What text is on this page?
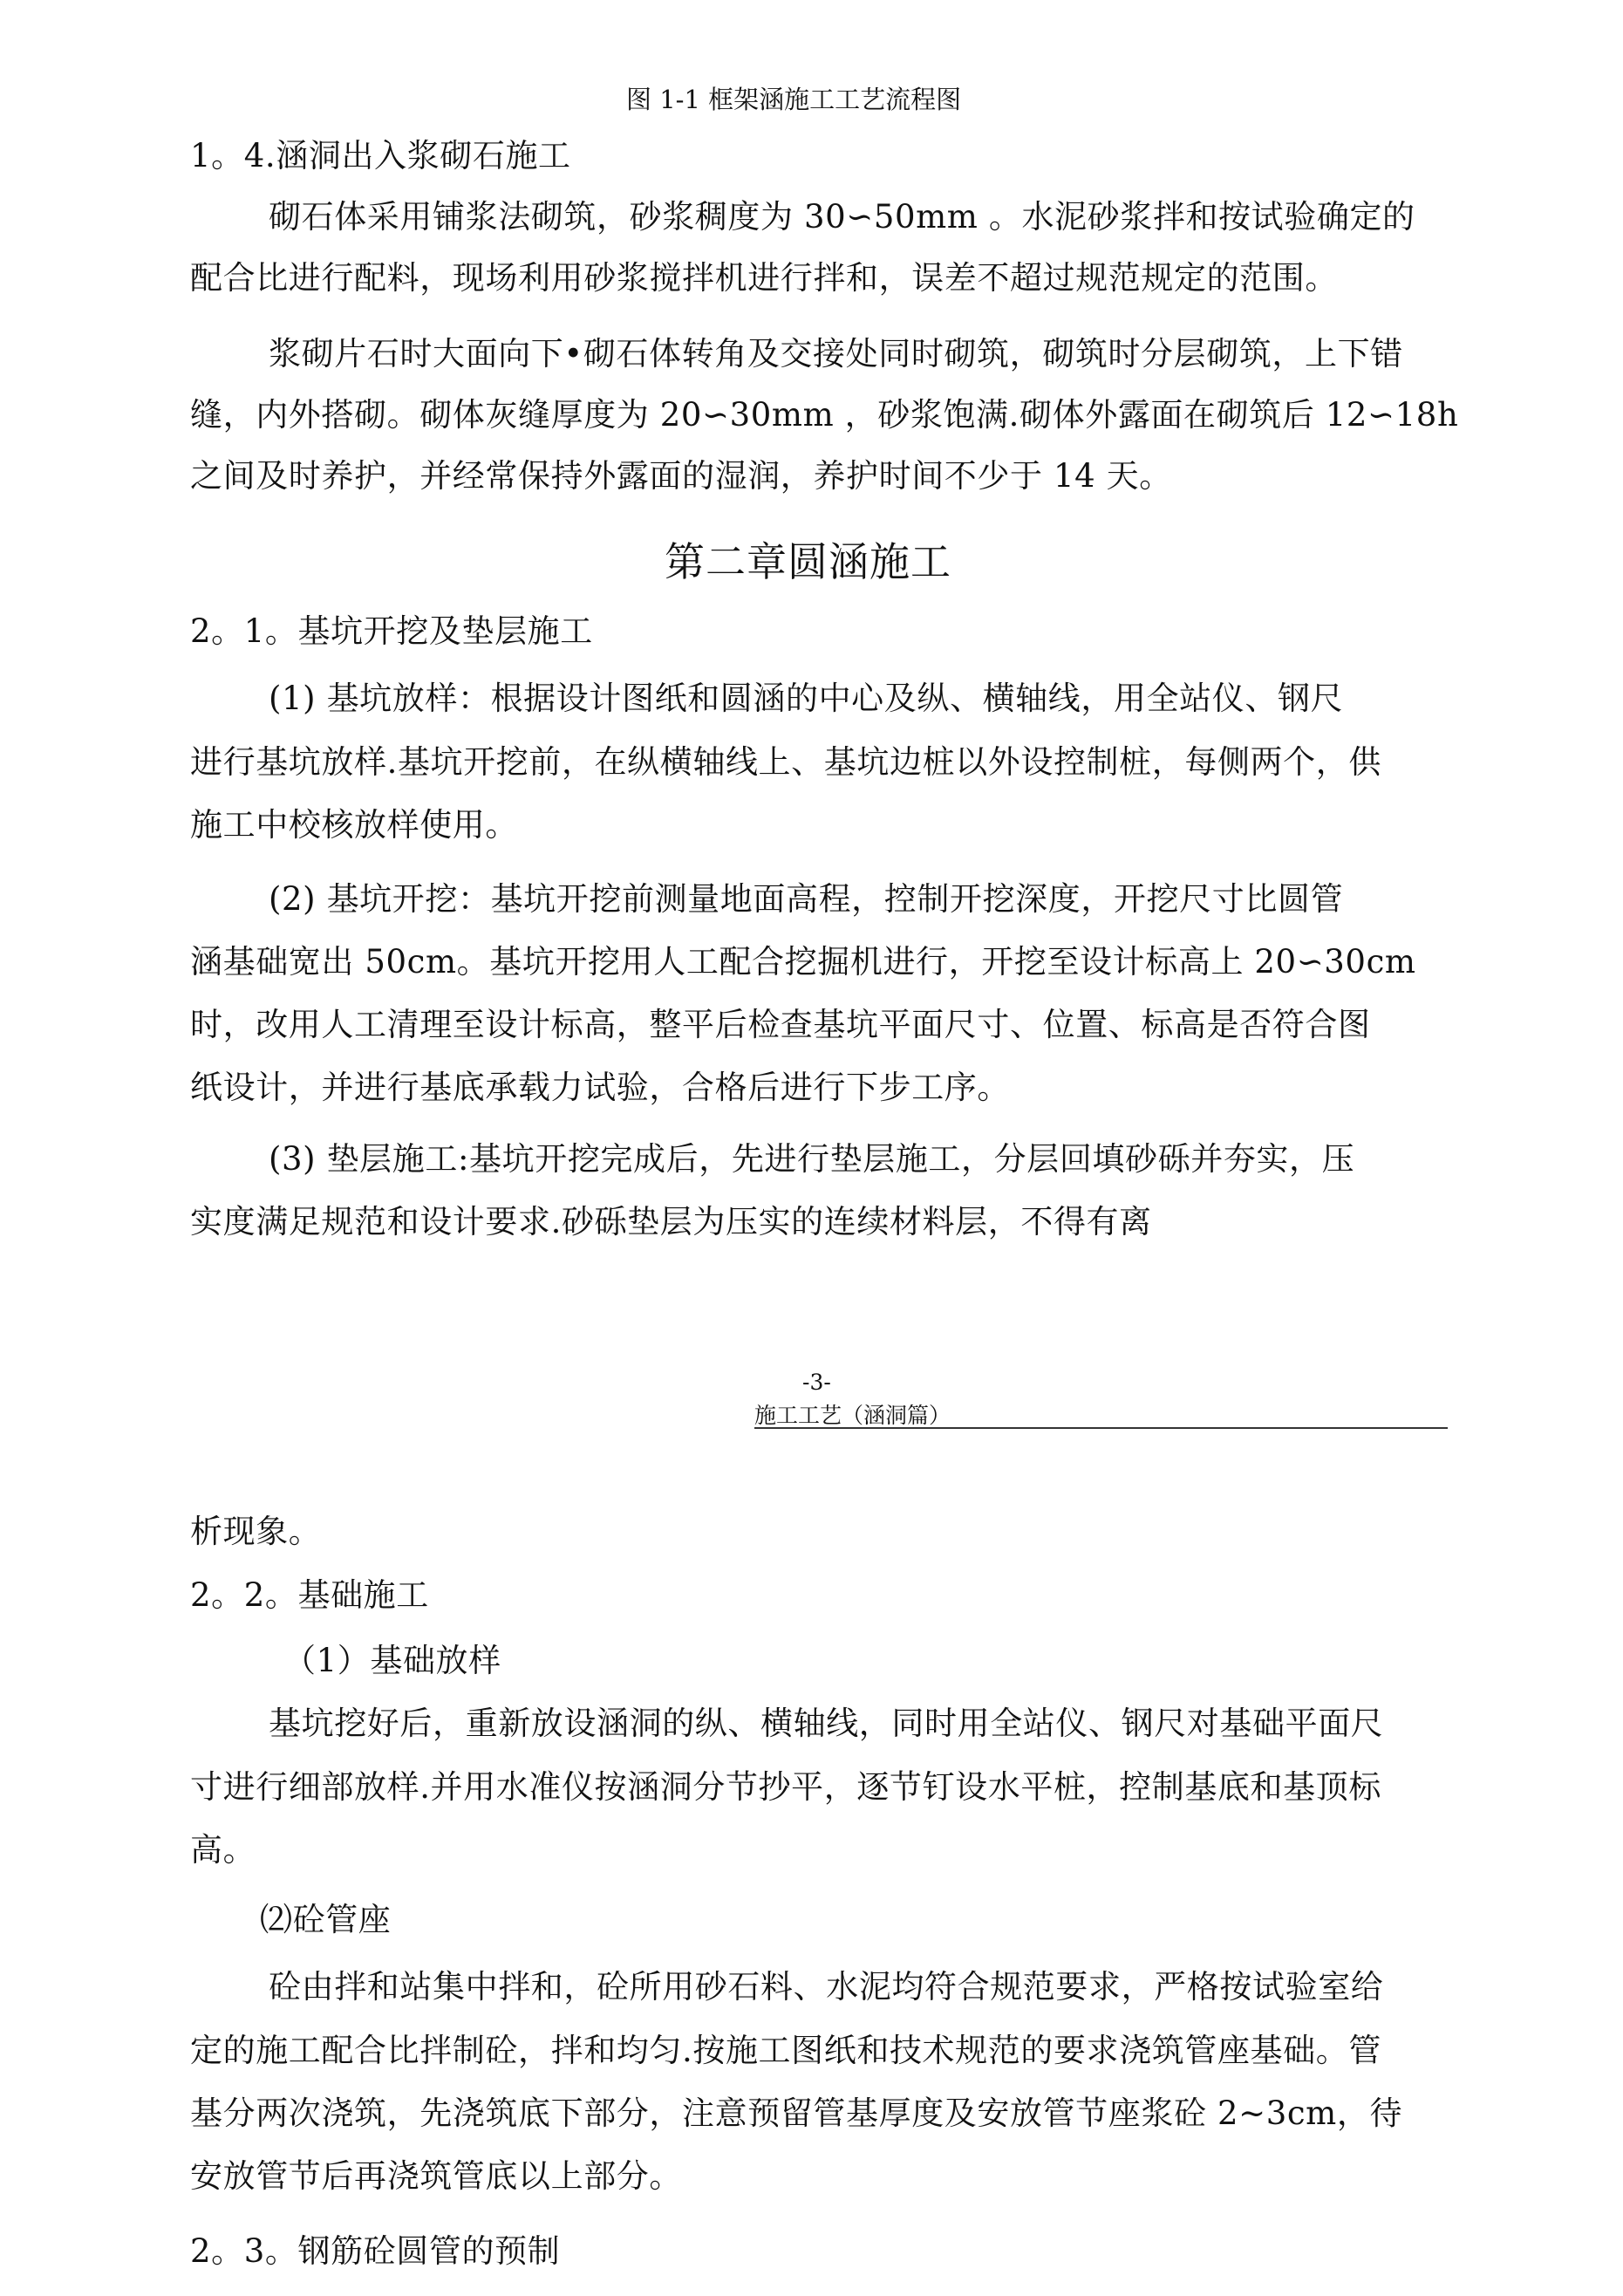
图 1-1 框架涵施工工艺流程图
1。4.涵洞出入浆砌石施工
砌石体采用铺浆法砌筑，砂浆稠度为 30∽50mm 。水泥砂浆拌和按试验确定的
配合比进行配料，现场利用砂浆搅拌机进行拌和，误差不超过规范规定的范围。
浆砌片石时大面向下•砌石体转角及交接处同时砌筑，砌筑时分层砌筑，上下错
缝，内外搭砌。砌体灰缝厚度为 20∽30mm ，砂浆饱满.砌体外露面在砌筑后 12∽18h
之间及时养护，并经常保持外露面的湿润，养护时间不少于 14 天。
第二章圆涵施工
2。1。基坑开挖及垫层施工
(1) 基坑放样：根据设计图纸和圆涵的中心及纵、横轴线，用全站仪、钢尺
进行基坑放样.基坑开挖前，在纵横轴线上、基坑边桩以外设控制桩，每侧两个，供
施工中校核放样使用。
(2) 基坑开挖：基坑开挖前测量地面高程，控制开挖深度，开挖尺寸比圆管
涵基础宽出 50cm。基坑开挖用人工配合挖掘机进行，开挖至设计标高上 20∽30cm
时，改用人工清理至设计标高，整平后检查基坑平面尺寸、位置、标高是否符合图
纸设计，并进行基底承载力试验，合格后进行下步工序。
(3) 垫层施工:基坑开挖完成后，先进行垫层施工，分层回填砂砾并夯实，压
实度满足规范和设计要求.砂砾垫层为压实的连续材料层，不得有离
-3-
施工工艺（涵洞篇）
析现象。
2。2。基础施工
（1）基础放样
基坑挖好后，重新放设涵洞的纵、横轴线，同时用全站仪、钢尺对基础平面尺
寸进行细部放样.并用水准仪按涵洞分节抄平，逐节钉设水平桩，控制基底和基顶标
高。
⑵砼管座
砼由拌和站集中拌和，砼所用砂石料、水泥均符合规范要求，严格按试验室给
定的施工配合比拌制砼，拌和均匀.按施工图纸和技术规范的要求浇筑管座基础。管
基分两次浇筑，先浇筑底下部分，注意预留管基厚度及安放管节座浆砼 2~3cm，待
安放管节后再浇筑管底以上部分。
2。3。钢筋砼圆管的预制
